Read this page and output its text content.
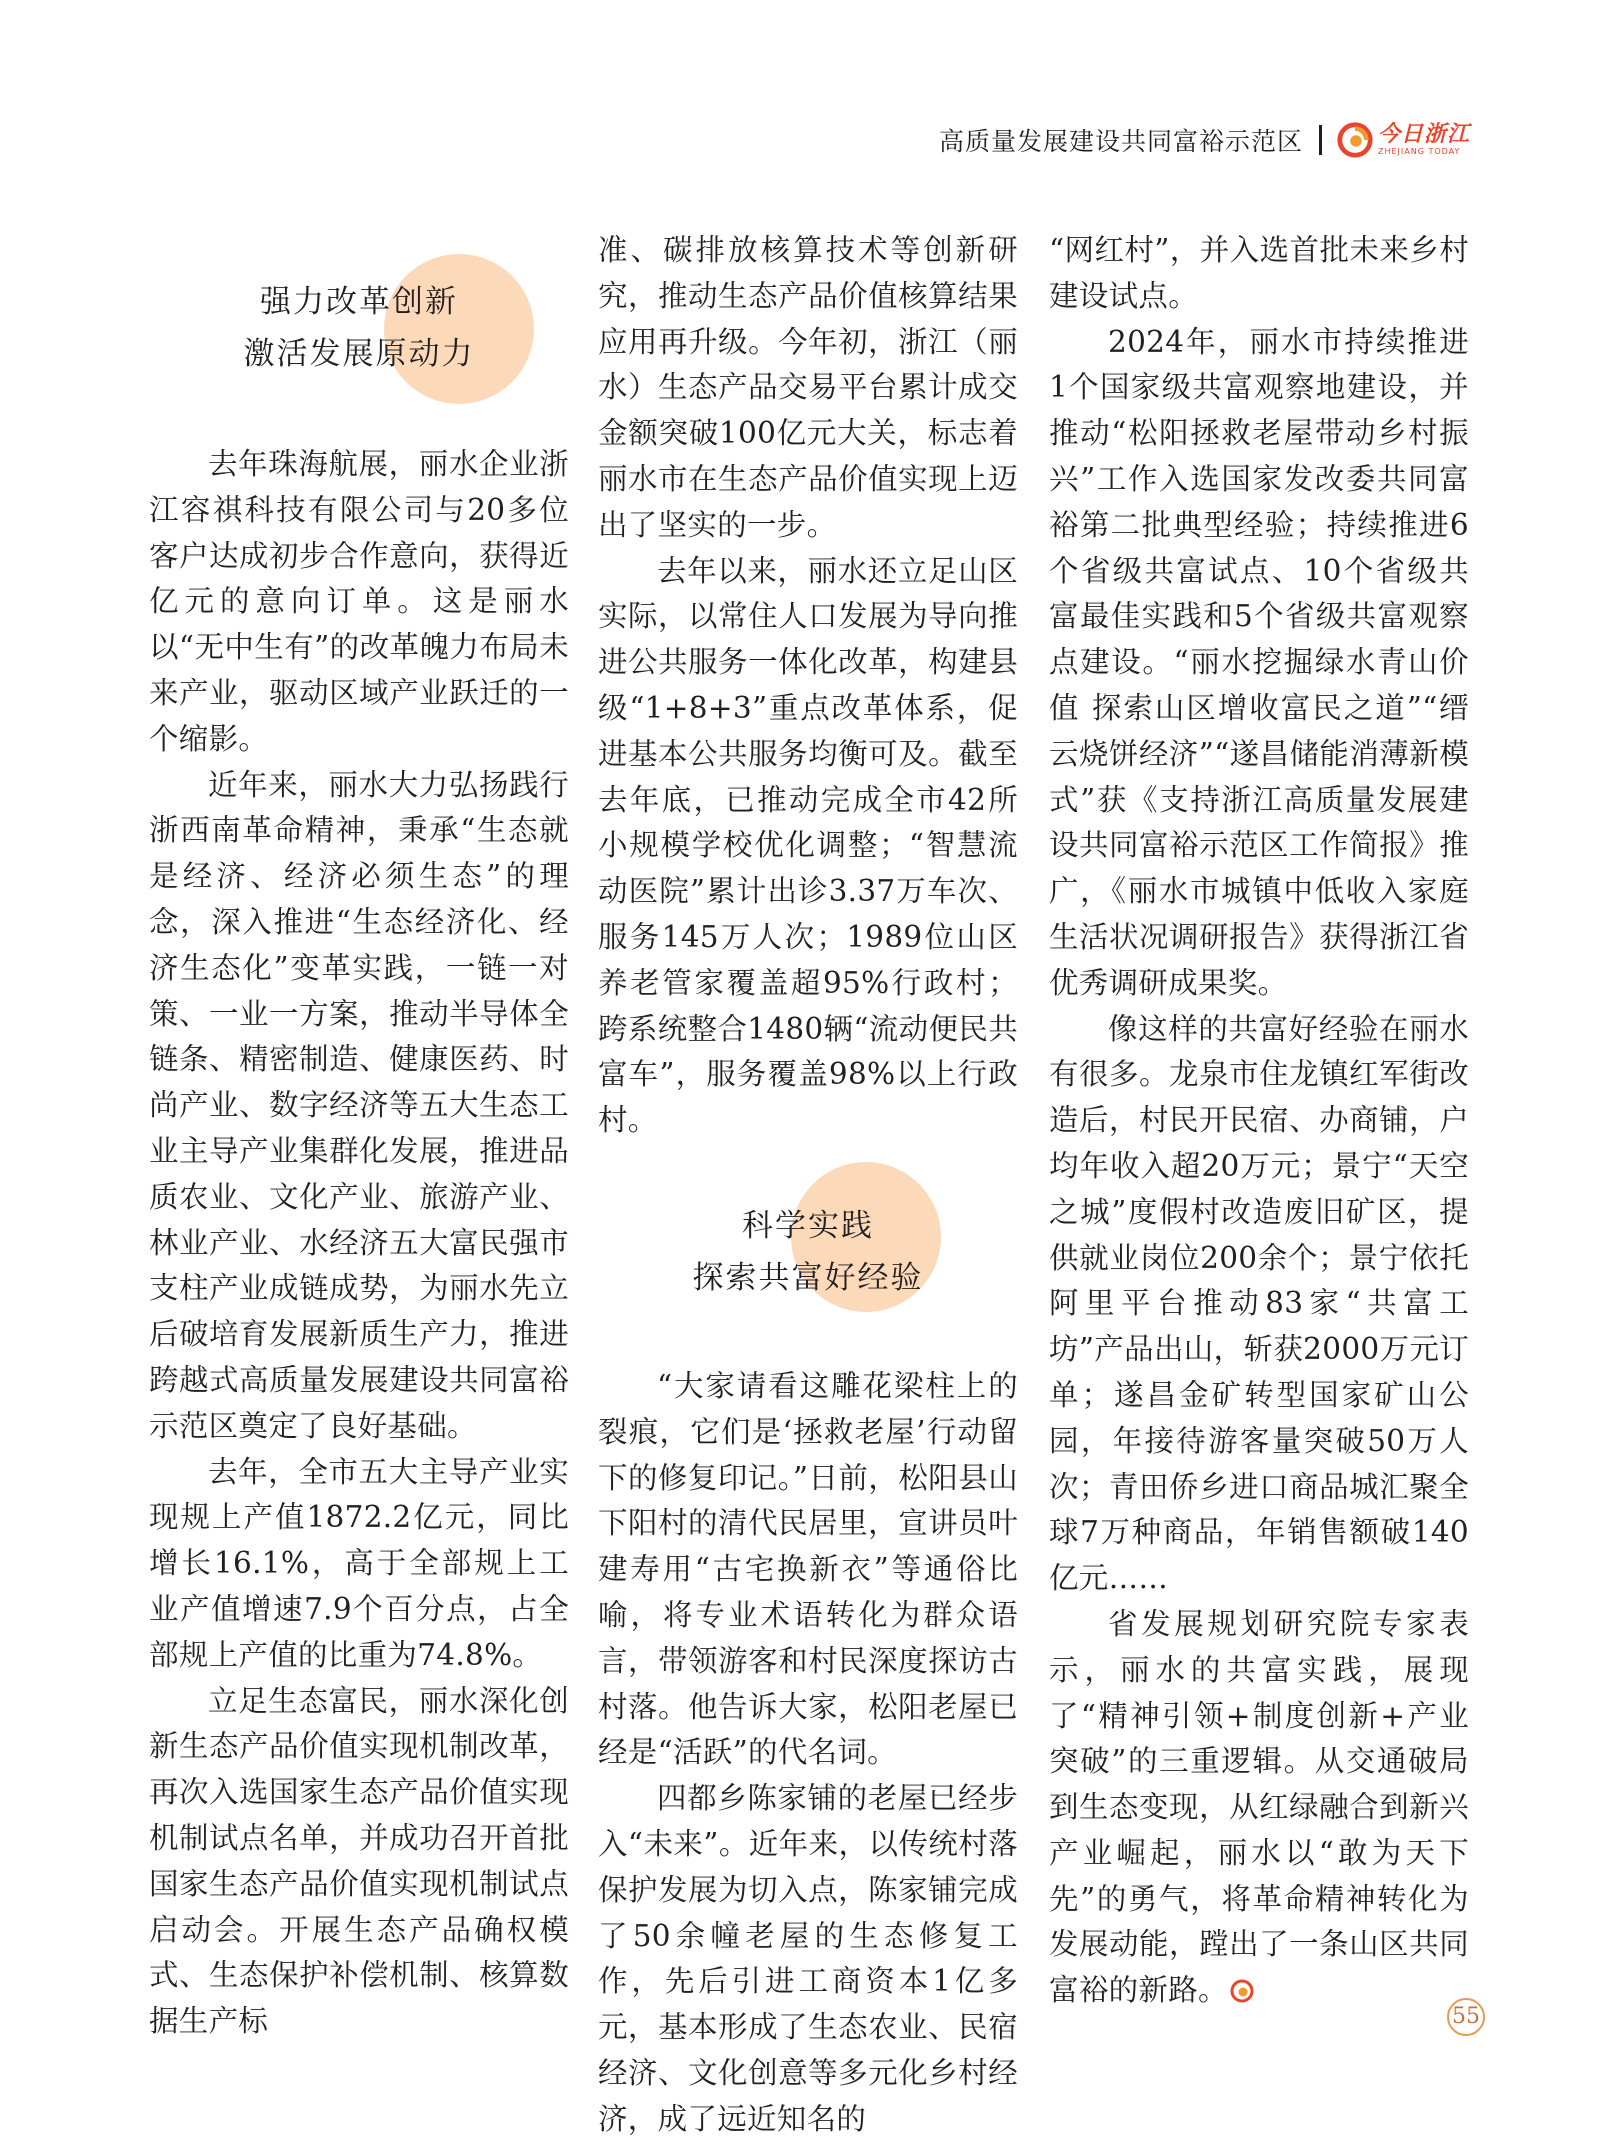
高质量发展建设共同富裕示范区	今日浙江
ZHEJIANG TODAY
强力改革创新
激活发展原动力

去年珠海航展，丽水企业浙江容祺科技有限公司与20多位客户达成初步合作意向，获得近亿元的意向订单。这是丽水以“无中生有”的改革魄力布局未来产业，驱动区域产业跃迁的一个缩影。

近年来，丽水大力弘扬践行浙西南革命精神，秉承“生态就是经济、经济必须生态”的理念，深入推进“生态经济化、经济生态化”变革实践，一链一对策、一业一方案，推动半导体全链条、精密制造、健康医药、时尚产业、数字经济等五大生态工业主导产业集群化发展，推进品质农业、文化产业、旅游产业、林业产业、水经济五大富民强市支柱产业成链成势，为丽水先立后破培育发展新质生产力，推进跨越式高质量发展建设共同富裕示范区奠定了良好基础。

去年，全市五大主导产业实现规上产值1872.2亿元，同比增长16.1%，高于全部规上工业产值增速7.9个百分点，占全部规上产值的比重为74.8%。

立足生态富民，丽水深化创新生态产品价值实现机制改革，再次入选国家生态产品价值实现机制试点名单，并成功召开首批国家生态产品价值实现机制试点启动会。开展生态产品确权模式、生态保护补偿机制、核算数据生产标

准、碳排放核算技术等创新研究，推动生态产品价值核算结果应用再升级。今年初，浙江（丽水）生态产品交易平台累计成交金额突破100亿元大关，标志着丽水市在生态产品价值实现上迈出了坚实的一步。

去年以来，丽水还立足山区实际，以常住人口发展为导向推进公共服务一体化改革，构建县级“1+8+3”重点改革体系，促进基本公共服务均衡可及。截至去年底，已推动完成全市42所小规模学校优化调整；“智慧流动医院”累计出诊3.37万车次、服务145万人次；1989位山区养老管家覆盖超95%行政村；跨系统整合1480辆“流动便民共富车”，服务覆盖98%以上行政村。

科学实践
探索共富好经验

“大家请看这雕花梁柱上的裂痕，它们是‘拯救老屋’行动留下的修复印记。”日前，松阳县山下阳村的清代民居里，宣讲员叶建寿用“古宅换新衣”等通俗比喻，将专业术语转化为群众语言，带领游客和村民深度探访古村落。他告诉大家，松阳老屋已经是“活跃”的代名词。

四都乡陈家铺的老屋已经步入“未来”。近年来，以传统村落保护发展为切入点，陈家铺完成了50余幢老屋的生态修复工作，先后引进工商资本1亿多元，基本形成了生态农业、民宿经济、文化创意等多元化乡村经济，成了远近知名的

“网红村”，并入选首批未来乡村建设试点。

2024年，丽水市持续推进1个国家级共富观察地建设，并推动“松阳拯救老屋带动乡村振兴”工作入选国家发改委共同富裕第二批典型经验；持续推进6个省级共富试点、10个省级共富最佳实践和5个省级共富观察点建设。“丽水挖掘绿水青山价值 探索山区增收富民之道”“缙云烧饼经济”“遂昌储能消薄新模式”获《支持浙江高质量发展建设共同富裕示范区工作简报》推广，《丽水市城镇中低收入家庭生活状况调研报告》获得浙江省优秀调研成果奖。

像这样的共富好经验在丽水有很多。龙泉市住龙镇红军街改造后，村民开民宿、办商铺，户均年收入超20万元；景宁“天空之城”度假村改造废旧矿区，提供就业岗位200余个；景宁依托阿里平台推动83家“共富工坊”产品出山，斩获2000万元订单；遂昌金矿转型国家矿山公园，年接待游客量突破50万人次；青田侨乡进口商品城汇聚全球7万种商品，年销售额破140亿元……

省发展规划研究院专家表示，丽水的共富实践，展现了“精神引领+制度创新+产业突破”的三重逻辑。从交通破局到生态变现，从红绿融合到新兴产业崛起，丽水以“敢为天下先”的勇气，将革命精神转化为发展动能，蹚出了一条山区共同富裕的新路。

55
